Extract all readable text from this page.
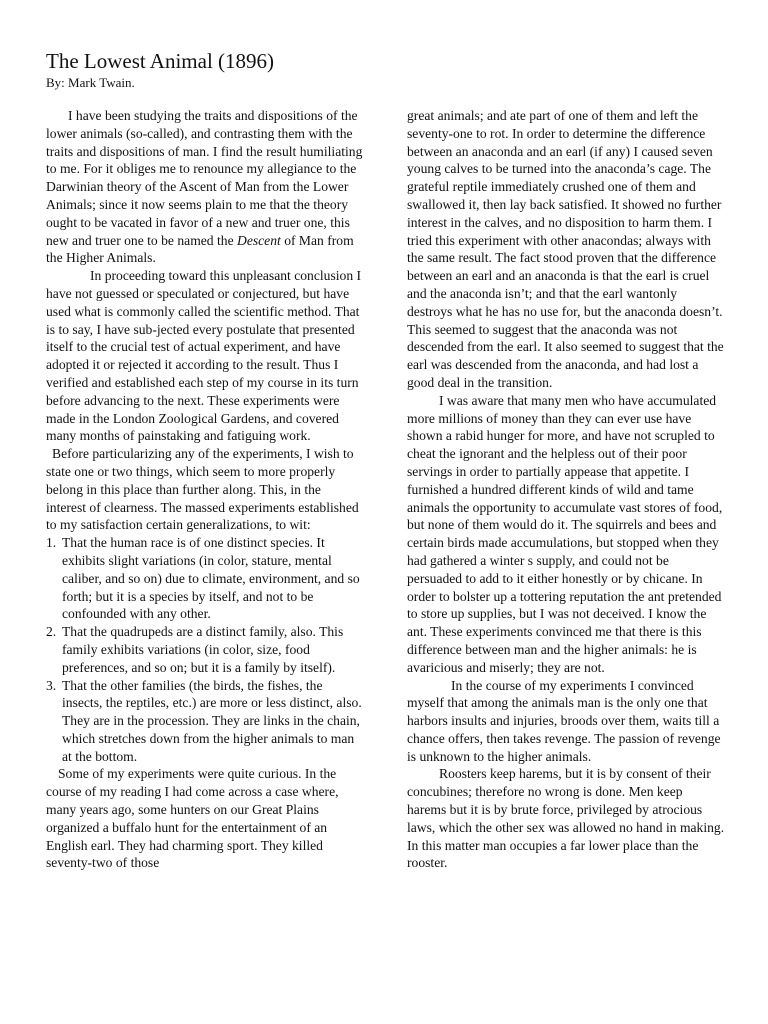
The Lowest Animal (1896)
By: Mark Twain.

I have been studying the traits and dispositions of the lower animals (so-called), and contrasting them with the traits and dispositions of man. I find the result humiliating to me. For it obliges me to renounce my allegiance to the Darwinian theory of the Ascent of Man from the Lower Animals; since it now seems plain to me that the theory ought to be vacated in favor of a new and truer one, this new and truer one to be named the Descent of Man from the Higher Animals.

In proceeding toward this unpleasant conclusion I have not guessed or speculated or conjectured, but have used what is commonly called the scientific method. That is to say, I have sub-jected every postulate that presented itself to the crucial test of actual experiment, and have adopted it or rejected it according to the result. Thus I verified and established each step of my course in its turn before advancing to the next. These experiments were made in the London Zoological Gardens, and covered many months of painstaking and fatiguing work.

Before particularizing any of the experiments, I wish to state one or two things, which seem to more properly belong in this place than further along. This, in the interest of clearness. The massed experiments established to my satisfaction certain generalizations, to wit:

1. That the human race is of one distinct species. It exhibits slight variations (in color, stature, mental caliber, and so on) due to climate, environment, and so forth; but it is a species by itself, and not to be confounded with any other.
2. That the quadrupeds are a distinct family, also. This family exhibits variations (in color, size, food preferences, and so on; but it is a family by itself).
3. That the other families (the birds, the fishes, the insects, the reptiles, etc.) are more or less distinct, also. They are in the procession. They are links in the chain, which stretches down from the higher animals to man at the bottom.

Some of my experiments were quite curious. In the course of my reading I had come across a case where, many years ago, some hunters on our Great Plains organized a buffalo hunt for the entertainment of an English earl. They had charming sport. They killed seventy-two of those

great animals; and ate part of one of them and left the seventy-one to rot. In order to determine the difference between an anaconda and an earl (if any) I caused seven young calves to be turned into the anaconda’s cage. The grateful reptile immediately crushed one of them and swallowed it, then lay back satisfied. It showed no further interest in the calves, and no disposition to harm them. I tried this experiment with other anacondas; always with the same result. The fact stood proven that the difference between an earl and an anaconda is that the earl is cruel and the anaconda isn’t; and that the earl wantonly destroys what he has no use for, but the anaconda doesn’t. This seemed to suggest that the anaconda was not descended from the earl. It also seemed to suggest that the earl was descended from the anaconda, and had lost a good deal in the transition.

I was aware that many men who have accumulated more millions of money than they can ever use have shown a rabid hunger for more, and have not scrupled to cheat the ignorant and the helpless out of their poor servings in order to partially appease that appetite. I furnished a hundred different kinds of wild and tame animals the opportunity to accumulate vast stores of food, but none of them would do it. The squirrels and bees and certain birds made accumulations, but stopped when they had gathered a winter s supply, and could not be persuaded to add to it either honestly or by chicane. In order to bolster up a tottering reputation the ant pretended to store up supplies, but I was not deceived. I know the ant. These experiments convinced me that there is this difference between man and the higher animals: he is avaricious and miserly; they are not.

In the course of my experiments I convinced myself that among the animals man is the only one that harbors insults and injuries, broods over them, waits till a chance offers, then takes revenge. The passion of revenge is unknown to the higher animals.

Roosters keep harems, but it is by consent of their concubines; therefore no wrong is done. Men keep harems but it is by brute force, privileged by atrocious laws, which the other sex was allowed no hand in making. In this matter man occupies a far lower place than the rooster.
